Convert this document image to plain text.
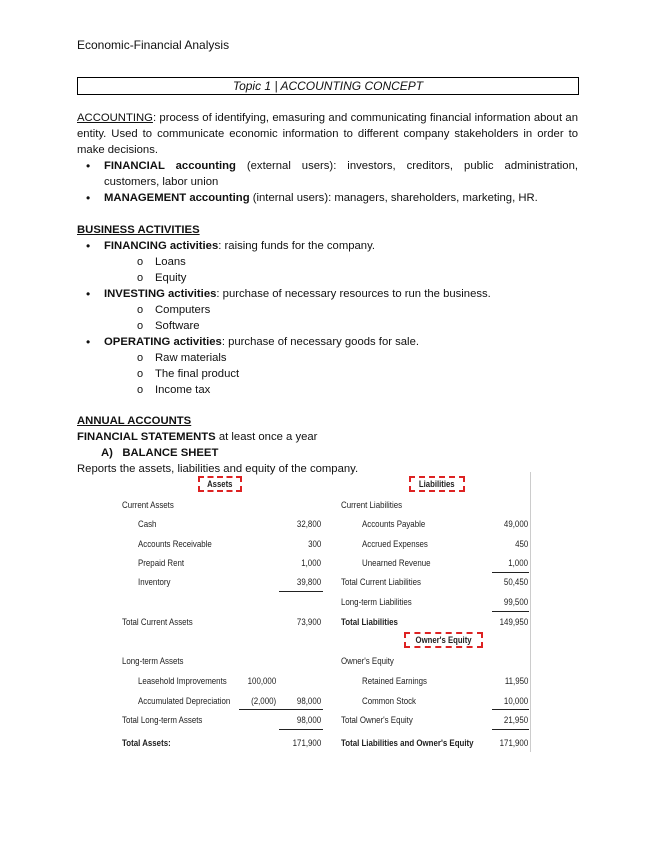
Economic-Financial Analysis
Topic 1 | ACCOUNTING CONCEPT
ACCOUNTING: process of identifying, emasuring and communicating financial information about an entity. Used to communicate economic information to different company stakeholders in order to make decisions.
• FINANCIAL accounting (external users): investors, creditors, public administration, customers, labor union
• MANAGEMENT accounting (internal users): managers, shareholders, marketing, HR.
BUSINESS ACTIVITIES
• FINANCING activities: raising funds for the company.
o Loans
o Equity
• INVESTING activities: purchase of necessary resources to run the business.
o Computers
o Software
• OPERATING activities: purchase of necessary goods for sale.
o Raw materials
o The final product
o Income tax
ANNUAL ACCOUNTS
FINANCIAL STATEMENTS at least once a year
A)   BALANCE SHEET
Reports the assets, liabilities and equity of the company.
Assets	Liabilities
Owner's Equity
Current Assets
Cash	32,800
Accounts Receivable	300
Prepaid Rent	1,000
Inventory	39,800
Total Current Assets	73,900
Long-term Assets
Leasehold Improvements 100,000
Accumulated Depreciation (2,000) 98,000
Total Long-term Assets	98,000
Total Assets:	171,900
Current Liabilities
Accounts Payable	49,000
Accrued Expenses	450
Unearned Revenue	1,000
Total Current Liabilities	50,450
Long-term Liabilities	99,500
Total Liabilities	149,950
Owner's Equity
Retained Earnings	11,950
Common Stock	10,000
Total Owner's Equity	21,950
Total Liabilities and Owner's Equity	171,900
